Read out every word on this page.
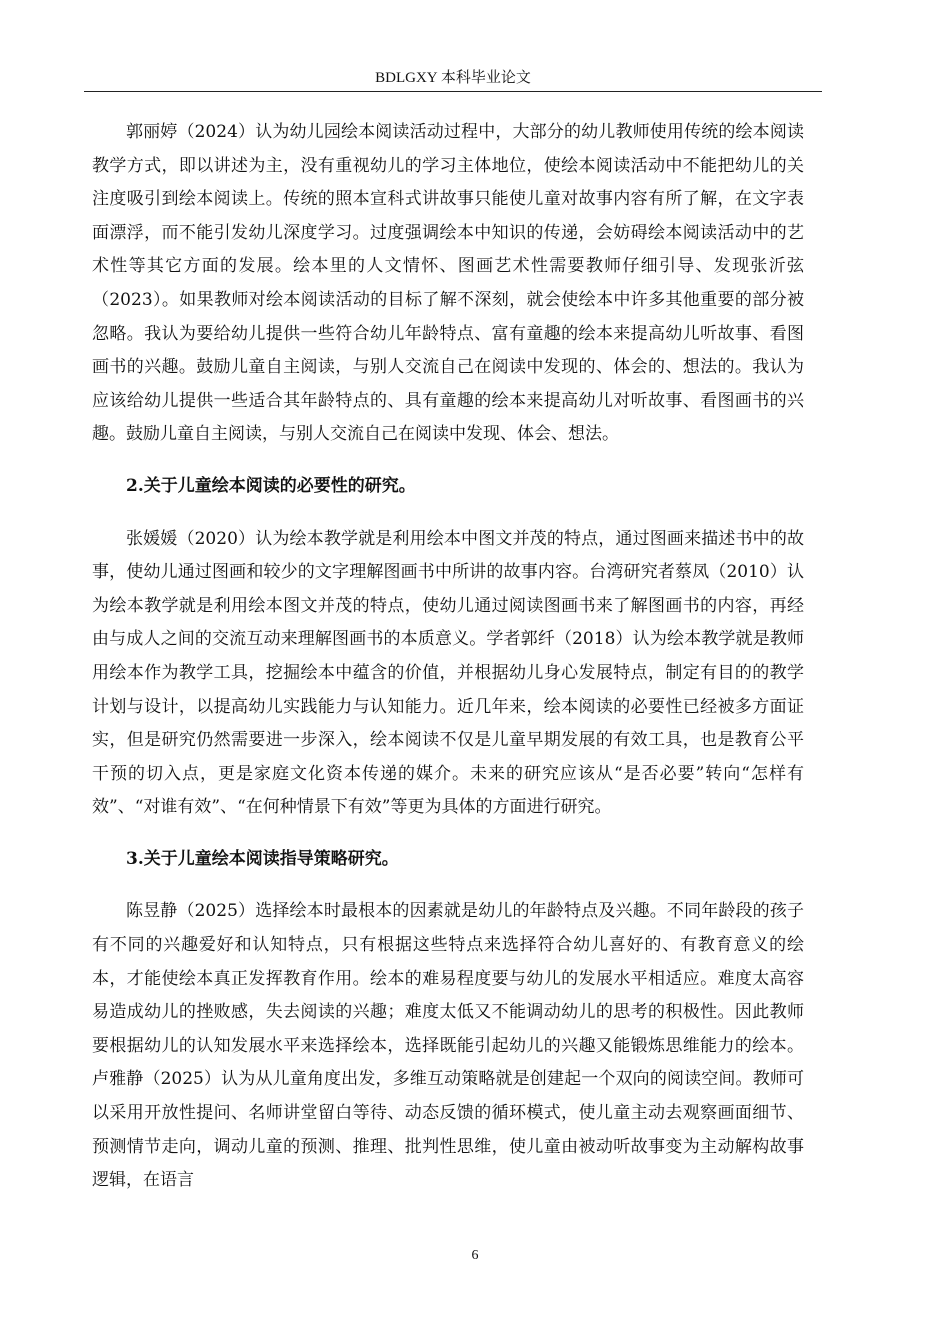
BDLGXY 本科毕业论文

郭丽婷（2024）认为幼儿园绘本阅读活动过程中，大部分的幼儿教师使用传统的绘本阅读教学方式，即以讲述为主，没有重视幼儿的学习主体地位，使绘本阅读活动中不能把幼儿的关注度吸引到绘本阅读上。传统的照本宣科式讲故事只能使儿童对故事内容有所了解，在文字表面漂浮，而不能引发幼儿深度学习。过度强调绘本中知识的传递，会妨碍绘本阅读活动中的艺术性等其它方面的发展。绘本里的人文情怀、图画艺术性需要教师仔细引导、发现张沂弦（2023）。如果教师对绘本阅读活动的目标了解不深刻，就会使绘本中许多其他重要的部分被忽略。我认为要给幼儿提供一些符合幼儿年龄特点、富有童趣的绘本来提高幼儿听故事、看图画书的兴趣。鼓励儿童自主阅读，与别人交流自己在阅读中发现的、体会的、想法的。我认为应该给幼儿提供一些适合其年龄特点的、具有童趣的绘本来提高幼儿对听故事、看图画书的兴趣。鼓励儿童自主阅读，与别人交流自己在阅读中发现、体会、想法。

2.关于儿童绘本阅读的必要性的研究。

张媛媛（2020）认为绘本教学就是利用绘本中图文并茂的特点，通过图画来描述书中的故事，使幼儿通过图画和较少的文字理解图画书中所讲的故事内容。台湾研究者蔡凤（2010）认为绘本教学就是利用绘本图文并茂的特点，使幼儿通过阅读图画书来了解图画书的内容，再经由与成人之间的交流互动来理解图画书的本质意义。学者郭纤（2018）认为绘本教学就是教师用绘本作为教学工具，挖掘绘本中蕴含的价值，并根据幼儿身心发展特点，制定有目的的教学计划与设计，以提高幼儿实践能力与认知能力。近几年来，绘本阅读的必要性已经被多方面证实，但是研究仍然需要进一步深入，绘本阅读不仅是儿童早期发展的有效工具，也是教育公平干预的切入点，更是家庭文化资本传递的媒介。未来的研究应该从“是否必要”转向“怎样有效”、“对谁有效”、“在何种情景下有效”等更为具体的方面进行研究。

3.关于儿童绘本阅读指导策略研究。

陈昱静（2025）选择绘本时最根本的因素就是幼儿的年龄特点及兴趣。不同年龄段的孩子有不同的兴趣爱好和认知特点，只有根据这些特点来选择符合幼儿喜好的、有教育意义的绘本，才能使绘本真正发挥教育作用。绘本的难易程度要与幼儿的发展水平相适应。难度太高容易造成幼儿的挫败感，失去阅读的兴趣；难度太低又不能调动幼儿的思考的积极性。因此教师要根据幼儿的认知发展水平来选择绘本，选择既能引起幼儿的兴趣又能锻炼思维能力的绘本。卢雅静（2025）认为从儿童角度出发，多维互动策略就是创建起一个双向的阅读空间。教师可以采用开放性提问、名师讲堂留白等待、动态反馈的循环模式，使儿童主动去观察画面细节、预测情节走向，调动儿童的预测、推理、批判性思维，使儿童由被动听故事变为主动解构故事逻辑，在语言

6
